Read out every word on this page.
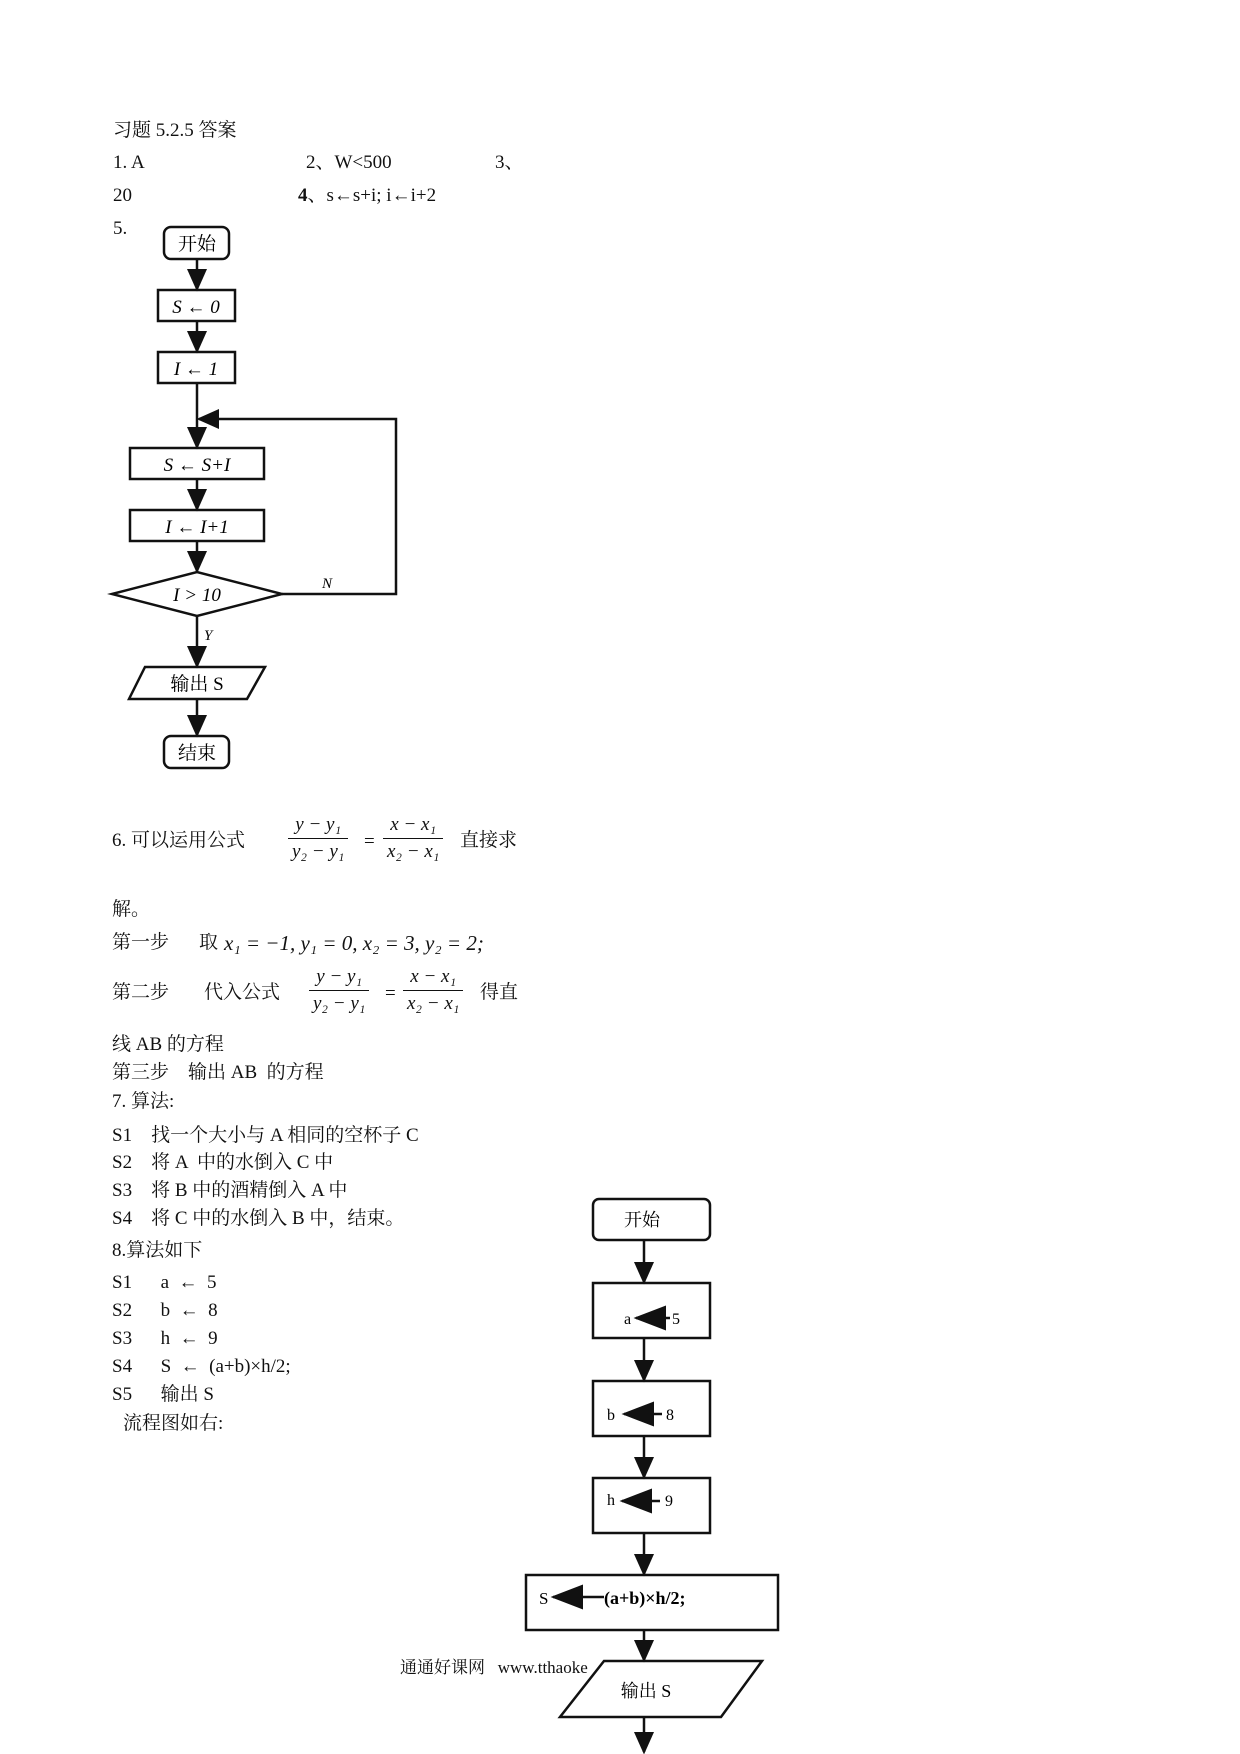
习题 5.2.5 答案
1. A	2、W<500	3、
20	4、s←s+i; i←i+2
5.
开始
S ← 0
I ← 1
S ← S+I
I ← I+1
I > 10
N
Y
输出 S
结束
开始
a	5
b	8
h	9
S	(a+b)×h/2;
输出 S
6. 可以运用公式 $\frac{\text{y − y₁}}{\text{y₂ − y₁}} = \frac{\text{x − x₁}}{\text{x₂ − x₁}}$ 直接求
解。
第一步 取 x₁ = −1, y₁ = 0, x₂ = 3, y₂ = 2;
第二步 代入公式 $\frac{\text{y − y₁}}{\text{y₂ − y₁}} = \frac{\text{x − x₁}}{\text{x₂ − x₁}}$ 得直
线 AB 的方程
第三步    输出 AB  的方程
7. 算法:
S1    找一个大小与 A 相同的空杯子 C
S2    将 A  中的水倒入 C 中
S3    将 B 中的酒精倒入 A 中
S4    将 C 中的水倒入 B 中，结束。
8.算法如下
S1      a  ←  5
S2      b  ←  8
S3      h  ←  9
S4      S  ←  (a+b)×h/2;
S5      输出 S
流程图如右:
通通好课网   www.tthaoke
